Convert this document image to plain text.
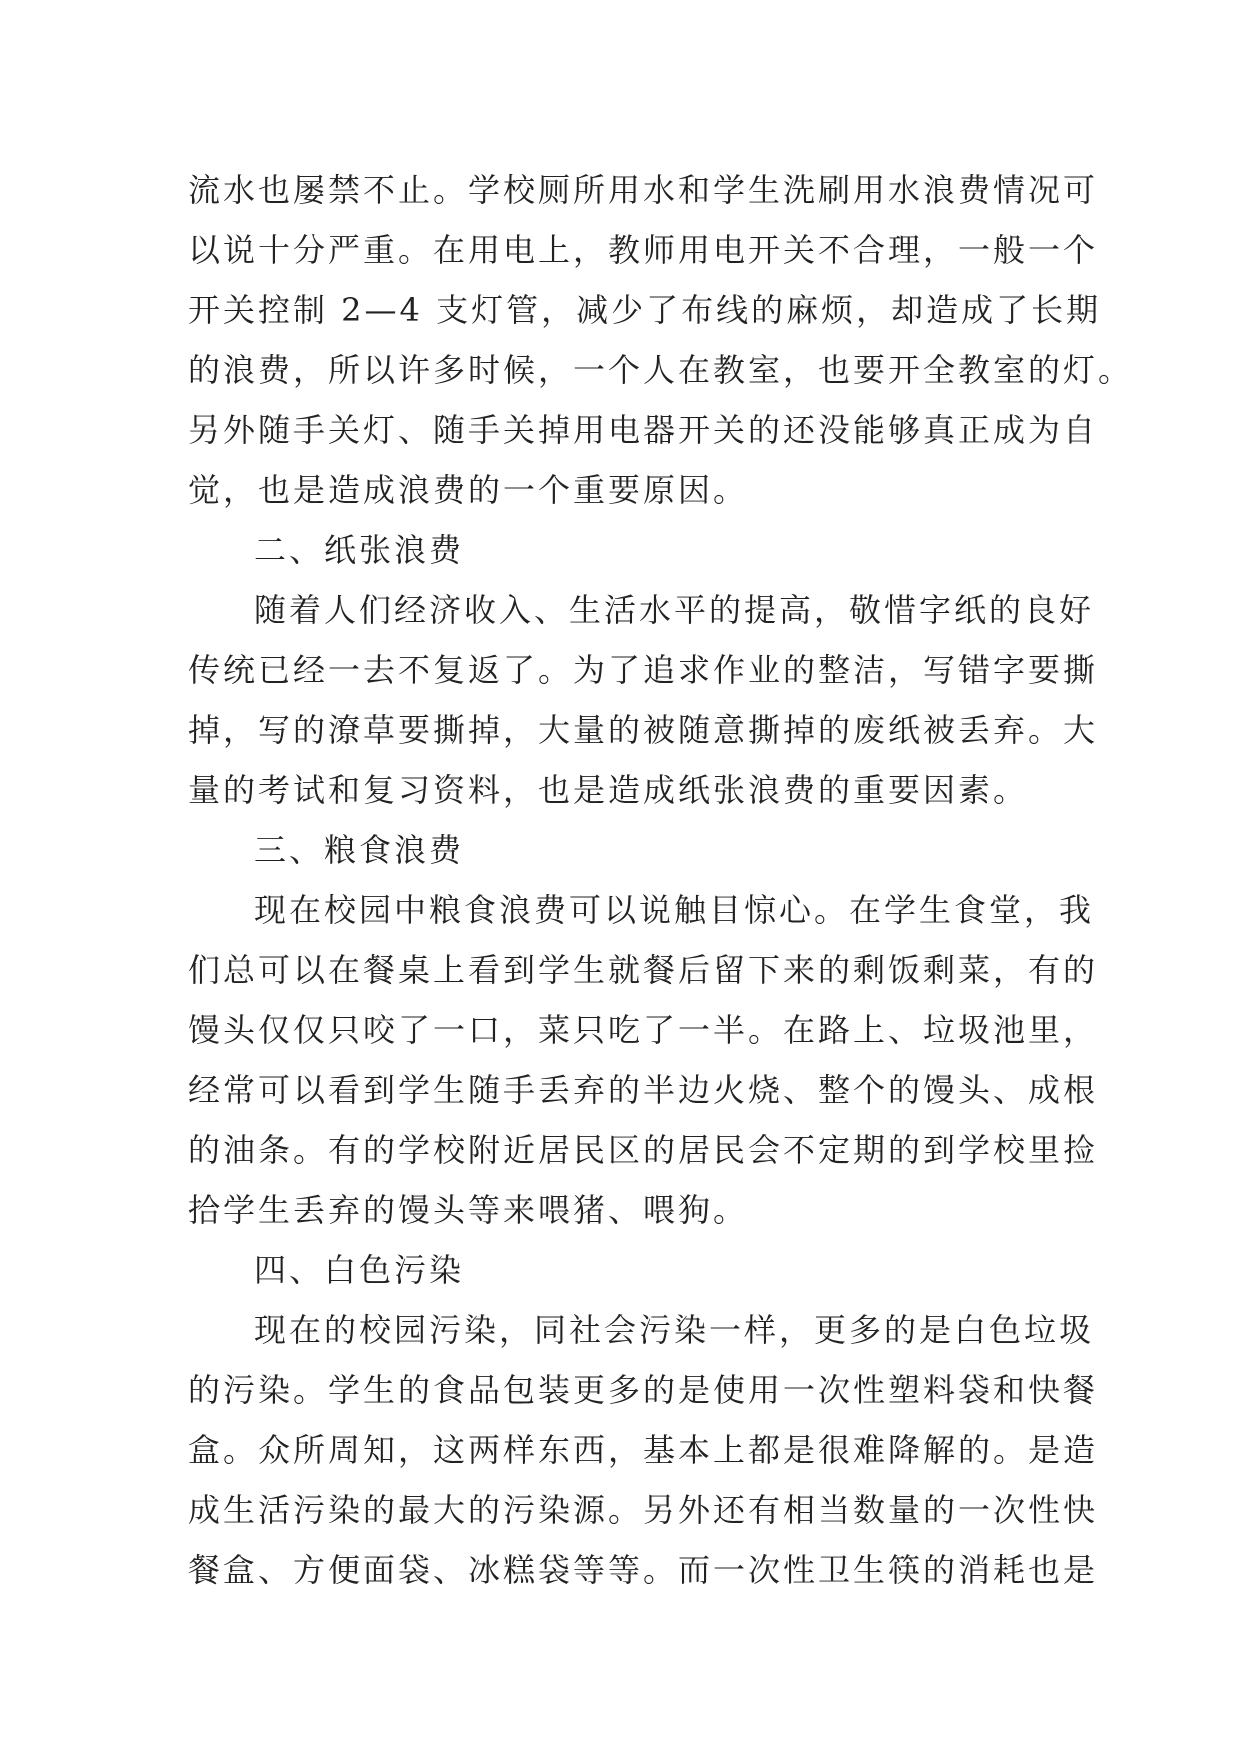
流水也屡禁不止。学校厕所用水和学生洗刷用水浪费情况可
以说十分严重。在用电上，教师用电开关不合理，一般一个
开关控制 2—4 支灯管，减少了布线的麻烦，却造成了长期
的浪费，所以许多时候，一个人在教室，也要开全教室的灯。
另外随手关灯、随手关掉用电器开关的还没能够真正成为自
觉，也是造成浪费的一个重要原因。
二、纸张浪费
随着人们经济收入、生活水平的提高，敬惜字纸的良好
传统已经一去不复返了。为了追求作业的整洁，写错字要撕
掉，写的潦草要撕掉，大量的被随意撕掉的废纸被丢弃。大
量的考试和复习资料，也是造成纸张浪费的重要因素。
三、粮食浪费
现在校园中粮食浪费可以说触目惊心。在学生食堂，我
们总可以在餐桌上看到学生就餐后留下来的剩饭剩菜，有的
馒头仅仅只咬了一口，菜只吃了一半。在路上、垃圾池里，
经常可以看到学生随手丢弃的半边火烧、整个的馒头、成根
的油条。有的学校附近居民区的居民会不定期的到学校里捡
拾学生丢弃的馒头等来喂猪、喂狗。
四、白色污染
现在的校园污染，同社会污染一样，更多的是白色垃圾
的污染。学生的食品包装更多的是使用一次性塑料袋和快餐
盒。众所周知，这两样东西，基本上都是很难降解的。是造
成生活污染的最大的污染源。另外还有相当数量的一次性快
餐盒、方便面袋、冰糕袋等等。而一次性卫生筷的消耗也是
